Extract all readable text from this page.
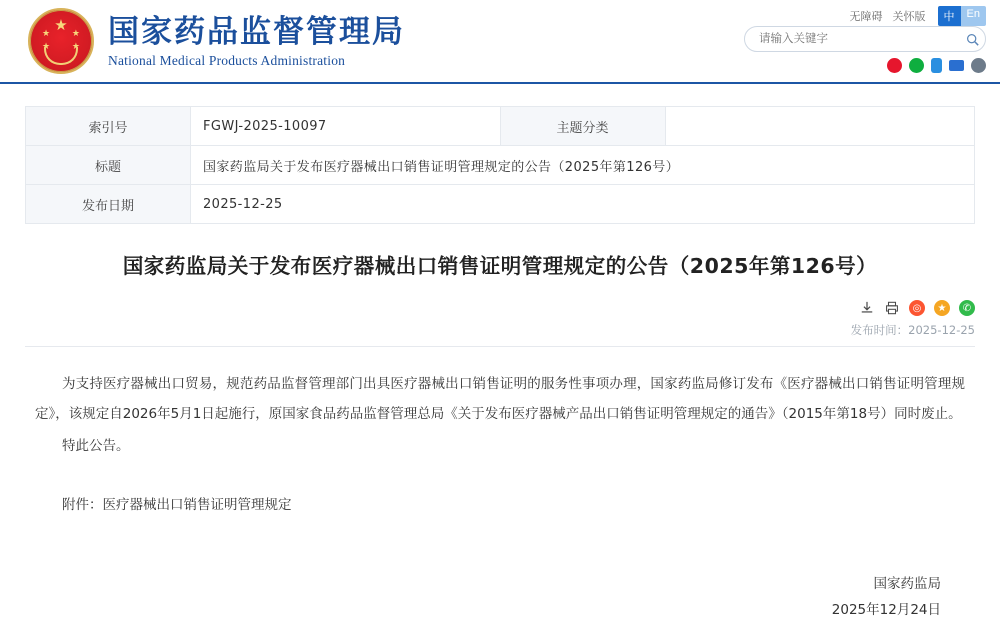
★
★
★
★
★ 国家药品监督管理局
National Medical Products Administration
无障碍 关怀版	中	En
请输入关键字
索引号	FGWJ-2025-10097	主题分类	
标题	国家药监局关于发布医疗器械出口销售证明管理规定的公告（2025年第126号）		
发布日期	2025-12-25		
国家药监局关于发布医疗器械出口销售证明管理规定的公告（2025年第126号）
◎	★	✆
发布时间：2025-12-25

为支持医疗器械出口贸易，规范药品监督管理部门出具医疗器械出口销售证明的服务性事项办理，国家药监局修订发布《医疗器械出口销售证明管理规定》，该规定自2026年5月1日起施行，原国家食品药品监督管理总局《关于发布医疗器械产品出口销售证明管理规定的通告》（2015年第18号）同时废止。

特此公告。

附件：医疗器械出口销售证明管理规定
国家药监局
2025年12月24日
